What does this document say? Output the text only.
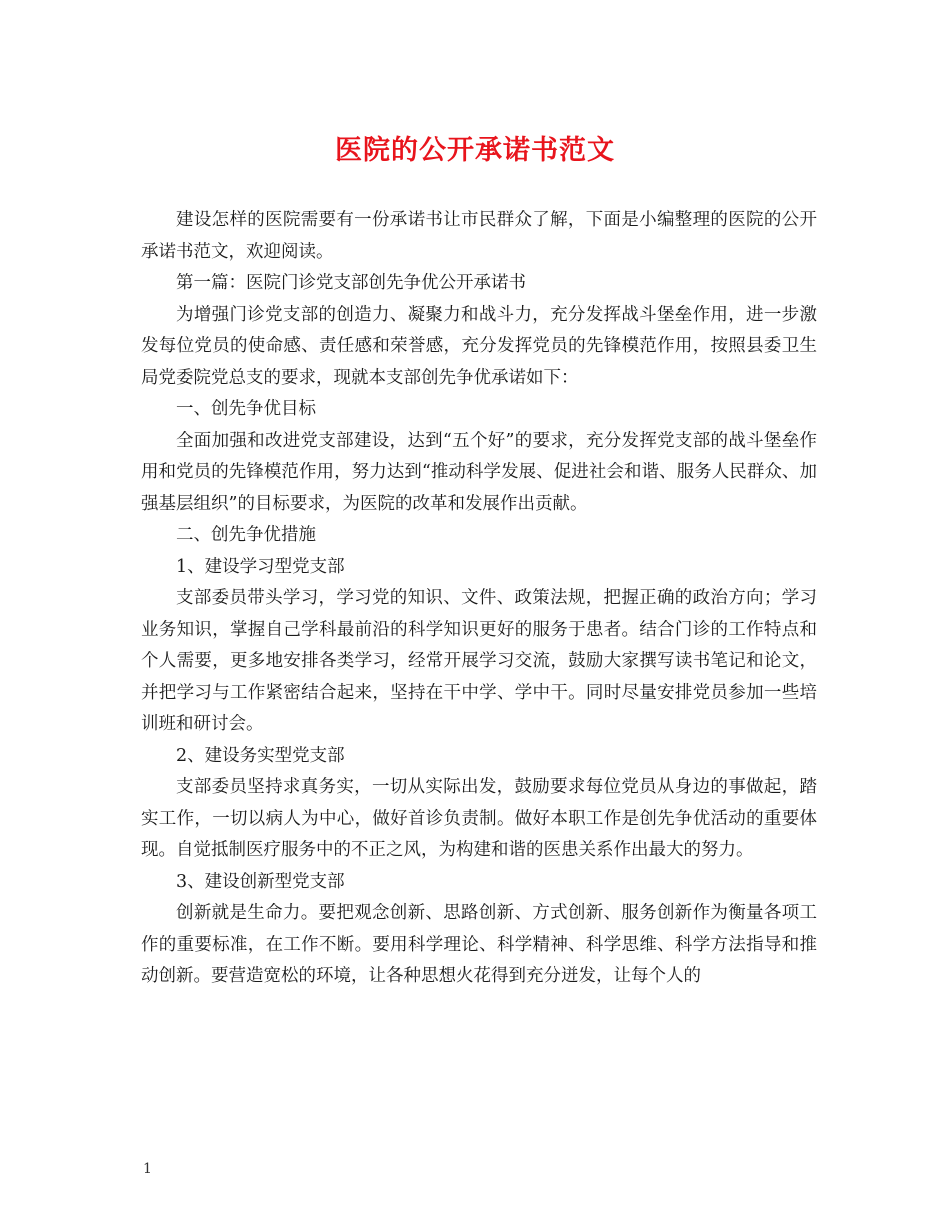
医院的公开承诺书范文

建设怎样的医院需要有一份承诺书让市民群众了解，下面是小编整理的医院的公开承诺书范文，欢迎阅读。

第一篇：医院门诊党支部创先争优公开承诺书

为增强门诊党支部的创造力、凝聚力和战斗力，充分发挥战斗堡垒作用，进一步激发每位党员的使命感、责任感和荣誉感，充分发挥党员的先锋模范作用，按照县委卫生局党委院党总支的要求，现就本支部创先争优承诺如下：

一、创先争优目标

全面加强和改进党支部建设，达到“五个好”的要求，充分发挥党支部的战斗堡垒作用和党员的先锋模范作用，努力达到“推动科学发展、促进社会和谐、服务人民群众、加强基层组织”的目标要求，为医院的改革和发展作出贡献。

二、创先争优措施

1、建设学习型党支部

支部委员带头学习，学习党的知识、文件、政策法规，把握正确的政治方向；学习业务知识，掌握自己学科最前沿的科学知识更好的服务于患者。结合门诊的工作特点和个人需要，更多地安排各类学习，经常开展学习交流，鼓励大家撰写读书笔记和论文，并把学习与工作紧密结合起来，坚持在干中学、学中干。同时尽量安排党员参加一些培训班和研讨会。

2、建设务实型党支部

支部委员坚持求真务实，一切从实际出发，鼓励要求每位党员从身边的事做起，踏实工作，一切以病人为中心，做好首诊负责制。做好本职工作是创先争优活动的重要体现。自觉抵制医疗服务中的不正之风，为构建和谐的医患关系作出最大的努力。

3、建设创新型党支部

创新就是生命力。要把观念创新、思路创新、方式创新、服务创新作为衡量各项工作的重要标准，在工作不断。要用科学理论、科学精神、科学思维、科学方法指导和推动创新。要营造宽松的环境，让各种思想火花得到充分迸发，让每个人的

1
